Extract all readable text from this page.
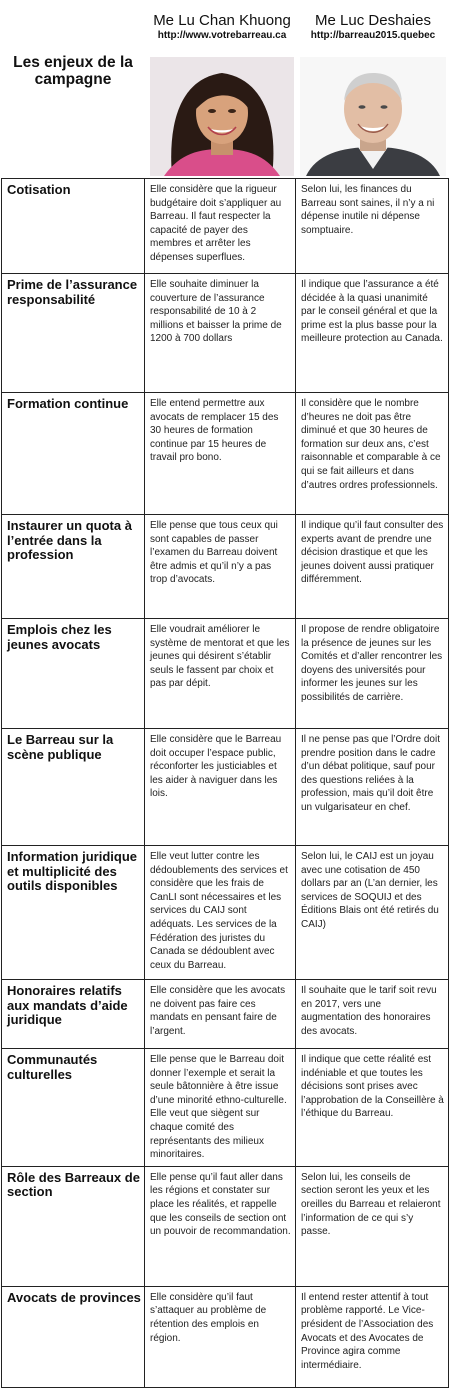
Les enjeux de la campagne
Me Lu Chan Khuong
http://www.votrebarreau.ca
Me Luc Deshaies
http://barreau2015.quebec
Cotisation	Elle considère que la rigueur budgétaire doit s’appliquer au Barreau. Il faut respecter la capacité de payer des membres et arrêter les dépenses superflues.	Selon lui, les finances du Barreau sont saines, il n’y a ni dépense inutile ni dépense somptuaire.
Prime de l’assurance responsabilité	Elle souhaite diminuer la couverture de l’assurance responsabilité de 10 à 2 millions et baisser la prime de 1200 à 700 dollars	Il indique que l’assurance a été décidée à la quasi unanimité par le conseil général et que la prime est la plus basse pour la meilleure protection au Canada.
Formation continue	Elle entend permettre aux avocats de remplacer 15 des 30 heures de formation continue par 15 heures de travail pro bono.	Il considère que le nombre d’heures ne doit pas être diminué et que 30 heures de formation sur deux ans, c’est raisonnable et comparable à ce qui se fait ailleurs et dans d’autres ordres professionnels.
Instaurer un quota à l’entrée dans la profession	Elle pense que tous ceux qui sont capables de passer l’examen du Barreau doivent être admis et qu’il n’y a pas trop d’avocats.	Il indique qu’il faut consulter des experts avant de prendre une décision drastique et que les jeunes doivent aussi pratiquer différemment.
Emplois chez les jeunes avocats	Elle voudrait améliorer le système de mentorat et que les jeunes qui désirent s’établir seuls le fassent par choix et pas par dépit.	Il propose de rendre obligatoire la présence de jeunes sur les Comités et d’aller rencontrer les doyens des universités pour informer les jeunes sur les possibilités de carrière.
Le Barreau sur la scène publique	Elle considère que le Barreau doit occuper l’espace public, réconforter les justiciables et les aider à naviguer dans les lois.	Il ne pense pas que l’Ordre doit prendre position dans le cadre d’un débat politique, sauf pour des questions reliées à la profession, mais qu’il doit être un vulgarisateur en chef.
Information juridique et multiplicité des outils disponibles	Elle veut lutter contre les dédoublements des services et considère que les frais de CanLI sont nécessaires et les services du CAIJ sont adéquats. Les services de la Fédération des juristes du Canada se dédoublent avec ceux du Barreau.	Selon lui, le CAIJ est un joyau avec une cotisation de 450 dollars par an (L’an dernier, les services de SOQUIJ et des Éditions Blais ont été retirés du CAIJ)
Honoraires relatifs aux mandats d’aide juridique	Elle considère que les avocats ne doivent pas faire ces mandats en pensant faire de l’argent.	Il souhaite que le tarif soit revu en 2017, vers une augmentation des honoraires des avocats.
Communautés culturelles	Elle pense que le Barreau doit donner l’exemple et serait la seule bâtonnière à être issue d’une minorité ethno-culturelle. Elle veut que siègent sur chaque comité des représentants des milieux minoritaires.	Il indique que cette réalité est indéniable et que toutes les décisions sont prises avec l’approbation de la Conseillère à l’éthique du Barreau.
Rôle des Barreaux de section	Elle pense qu’il faut aller dans les régions et constater sur place les réalités, et rappelle que les conseils de section ont un pouvoir de recommandation.	Selon lui, les conseils de section seront les yeux et les oreilles du Barreau et relaieront l’information de ce qui s’y passe.
Avocats de provinces	Elle considère qu’il faut s’attaquer au problème de rétention des emplois en région.	Il entend rester attentif à tout problème rapporté. Le Vice-président de l’Association des Avocats et des Avocates de Province agira comme intermédiaire.
